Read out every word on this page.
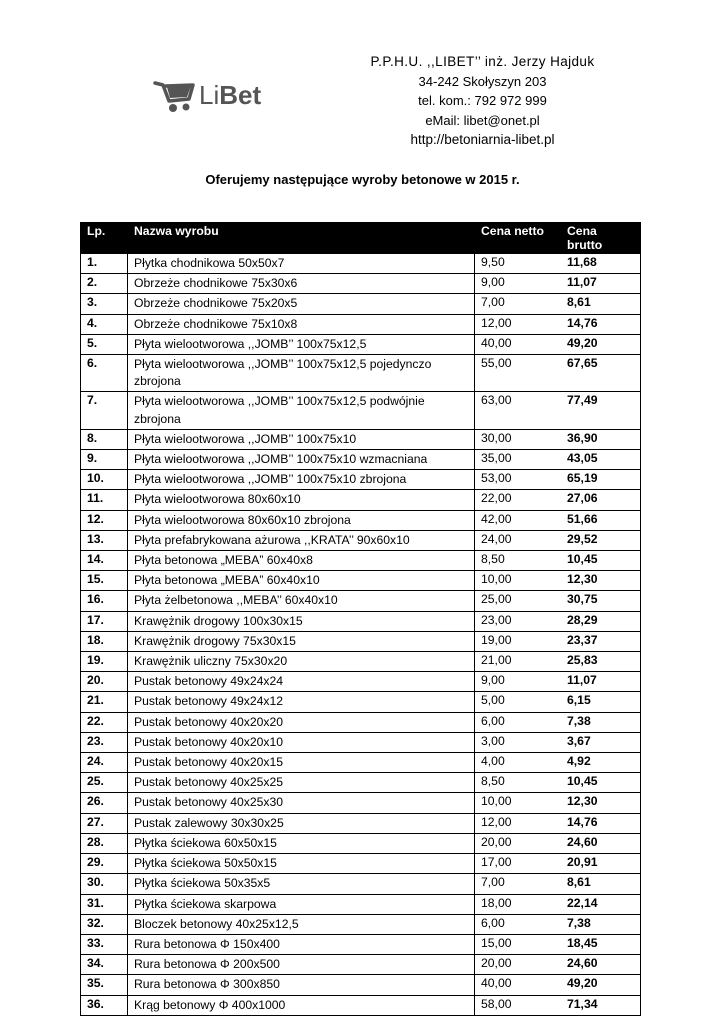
LiBet
P.P.H.U. ,,LIBET’’ inż. Jerzy Hajduk
34-242 Skołyszyn 203
tel. kom.: 792 972 999
eMail: libet@onet.pl
http://betoniarnia-libet.pl
Oferujemy następujące wyroby betonowe w 2015 r.
Lp.	Nazwa wyrobu	Cena netto	Cena brutto
1.	Płytka chodnikowa 50x50x7	9,50	11,68
2.	Obrzeże chodnikowe 75x30x6	9,00	11,07
3.	Obrzeże chodnikowe 75x20x5	7,00	8,61
4.	Obrzeże chodnikowe 75x10x8	12,00	14,76
5.	Płyta wielootworowa ,,JOMB’’ 100x75x12,5	40,00	49,20
6.	Płyta wielootworowa ,,JOMB’’ 100x75x12,5 pojedynczo zbrojona	55,00	67,65
7.	Płyta wielootworowa ,,JOMB’’ 100x75x12,5 podwójnie zbrojona	63,00	77,49
8.	Płyta wielootworowa ,,JOMB’’ 100x75x10	30,00	36,90
9.	Płyta wielootworowa ,,JOMB’’ 100x75x10 wzmacniana	35,00	43,05
10.	Płyta wielootworowa ,,JOMB’’ 100x75x10 zbrojona	53,00	65,19
11.	Płyta wielootworowa 80x60x10	22,00	27,06
12.	Płyta wielootworowa 80x60x10 zbrojona	42,00	51,66
13.	Płyta prefabrykowana ażurowa ,,KRATA’’ 90x60x10	24,00	29,52
14.	Płyta betonowa „MEBA” 60x40x8	8,50	10,45
15.	Płyta betonowa „MEBA” 60x40x10	10,00	12,30
16.	Płyta żelbetonowa ,,MEBA’’ 60x40x10	25,00	30,75
17.	Krawężnik drogowy 100x30x15	23,00	28,29
18.	Krawężnik drogowy 75x30x15	19,00	23,37
19.	Krawężnik uliczny 75x30x20	21,00	25,83
20.	Pustak betonowy 49x24x24	9,00	11,07
21.	Pustak betonowy 49x24x12	5,00	6,15
22.	Pustak betonowy 40x20x20	6,00	7,38
23.	Pustak betonowy 40x20x10	3,00	3,67
24.	Pustak betonowy 40x20x15	4,00	4,92
25.	Pustak betonowy 40x25x25	8,50	10,45
26.	Pustak betonowy 40x25x30	10,00	12,30
27.	Pustak zalewowy 30x30x25	12,00	14,76
28.	Płytka ściekowa 60x50x15	20,00	24,60
29.	Płytka ściekowa 50x50x15	17,00	20,91
30.	Płytka ściekowa 50x35x5	7,00	8,61
31.	Płytka ściekowa skarpowa	18,00	22,14
32.	Bloczek betonowy 40x25x12,5	6,00	7,38
33.	Rura betonowa Φ 150x400	15,00	18,45
34.	Rura betonowa Φ 200x500	20,00	24,60
35.	Rura betonowa Φ 300x850	40,00	49,20
36.	Krąg betonowy Φ 400x1000	58,00	71,34
